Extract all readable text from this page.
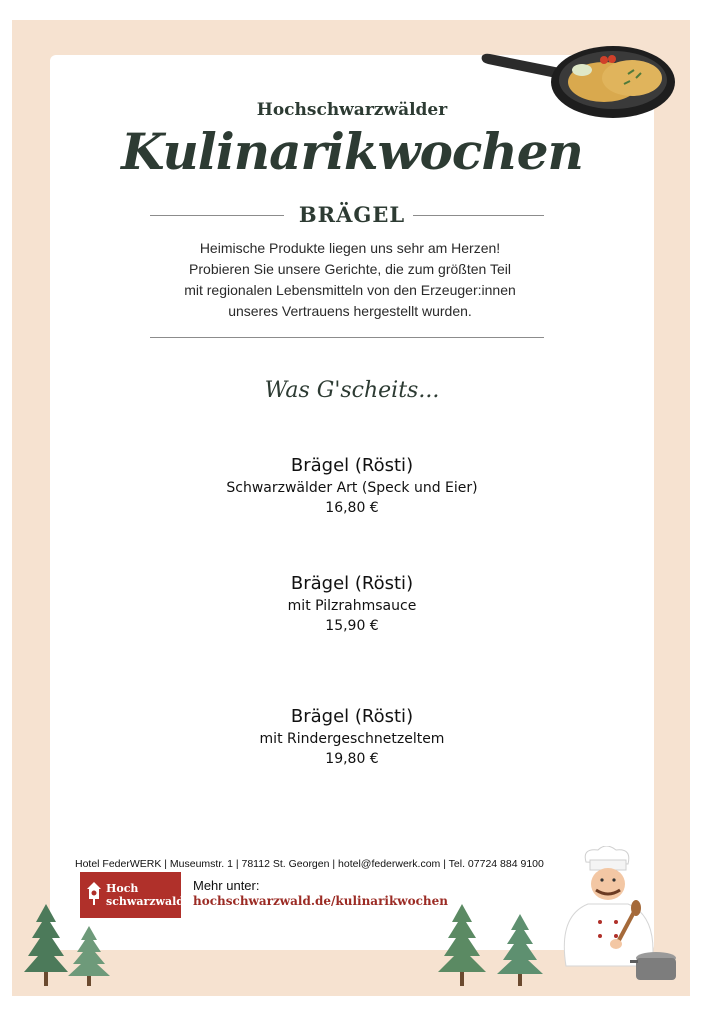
Hochschwarzwälder
Kulinarikwochen
BRÄGEL
Heimische Produkte liegen uns sehr am Herzen!
Probieren Sie unsere Gerichte, die zum größten Teil
mit regionalen Lebensmitteln von den Erzeuger:innen
unseres Vertrauens hergestellt wurden.
Was G'scheits...
Brägel (Rösti)
Schwarzwälder Art (Speck und Eier)
16,80 €
Brägel (Rösti)
mit Pilzrahmsauce
15,90 €
Brägel (Rösti)
mit Rindergeschnetzeltem
19,80 €
Hotel FederWERK | Museumstr. 1 | 78112 St. Georgen | hotel@federwerk.com | Tel. 07724 884 9100
Hoch
schwarzwald
Mehr unter:
hochschwarzwald.de/kulinarikwochen
